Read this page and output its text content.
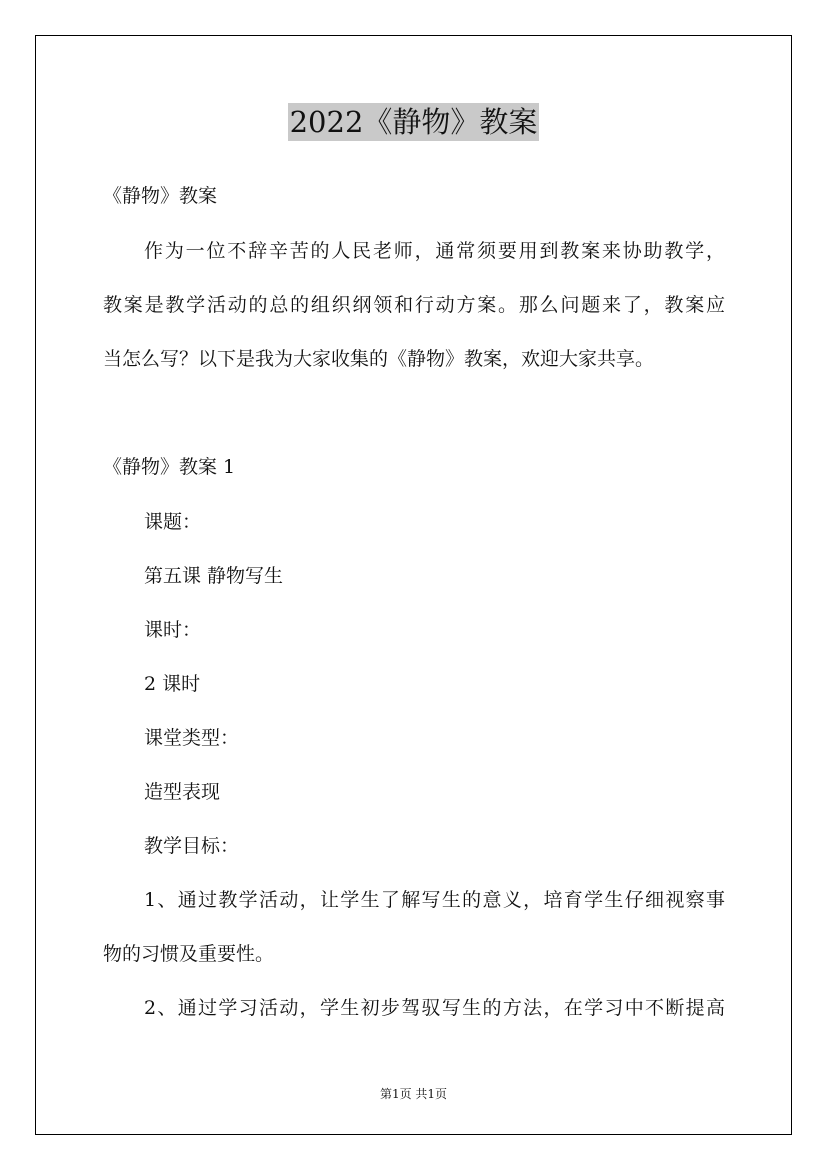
2022《静物》教案
《静物》教案
作为一位不辞辛苦的人民老师，通常须要用到教案来协助教学，
教案是教学活动的总的组织纲领和行动方案。那么问题来了，教案应
当怎么写？以下是我为大家收集的《静物》教案，欢迎大家共享。
《静物》教案 1
课题：
第五课 静物写生
课时：
2 课时
课堂类型：
造型表现
教学目标：
1、通过教学活动，让学生了解写生的意义，培育学生仔细视察事
物的习惯及重要性。
2、通过学习活动，学生初步驾驭写生的方法，在学习中不断提高
第1页 共1页
